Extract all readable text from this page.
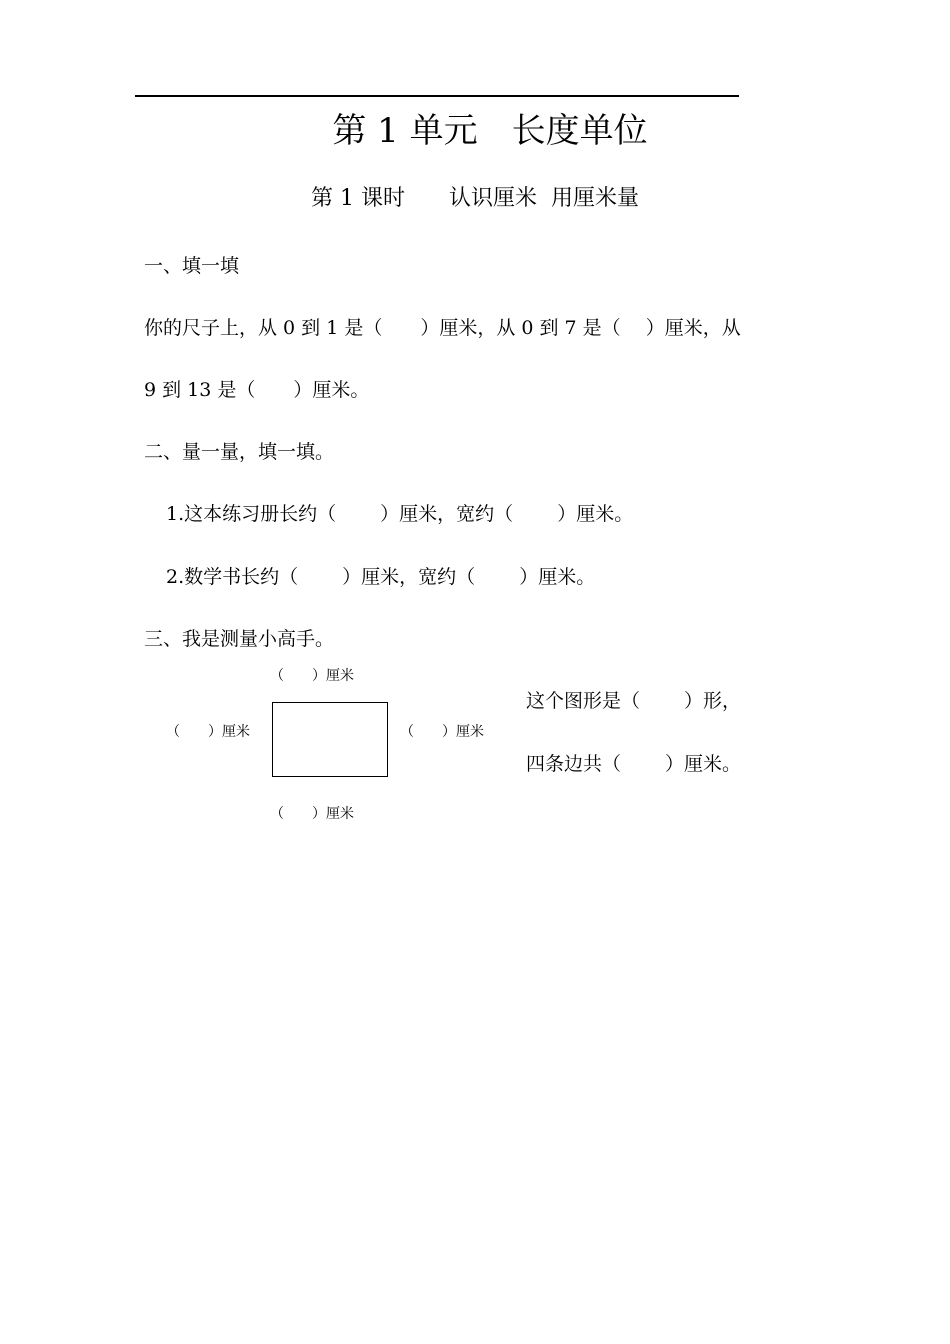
第 1 单元　长度单位
第 1 课时　　认识厘米  用厘米量
一、填一填
你的尺子上，从 0 到 1 是（　　）厘米，从 0 到 7 是（　 ）厘米，从
9 到 13 是（　　）厘米。
二、量一量，填一填。
1.这本练习册长约（　　 ）厘米，宽约（　　 ）厘米。
2.数学书长约（　　 ）厘米，宽约（　　 ）厘米。
三、我是测量小高手。
（　　）厘米
（　　）厘米	（　　）厘米
（　　）厘米
这个图形是（　　 ）形，
四条边共（　　 ）厘米。
